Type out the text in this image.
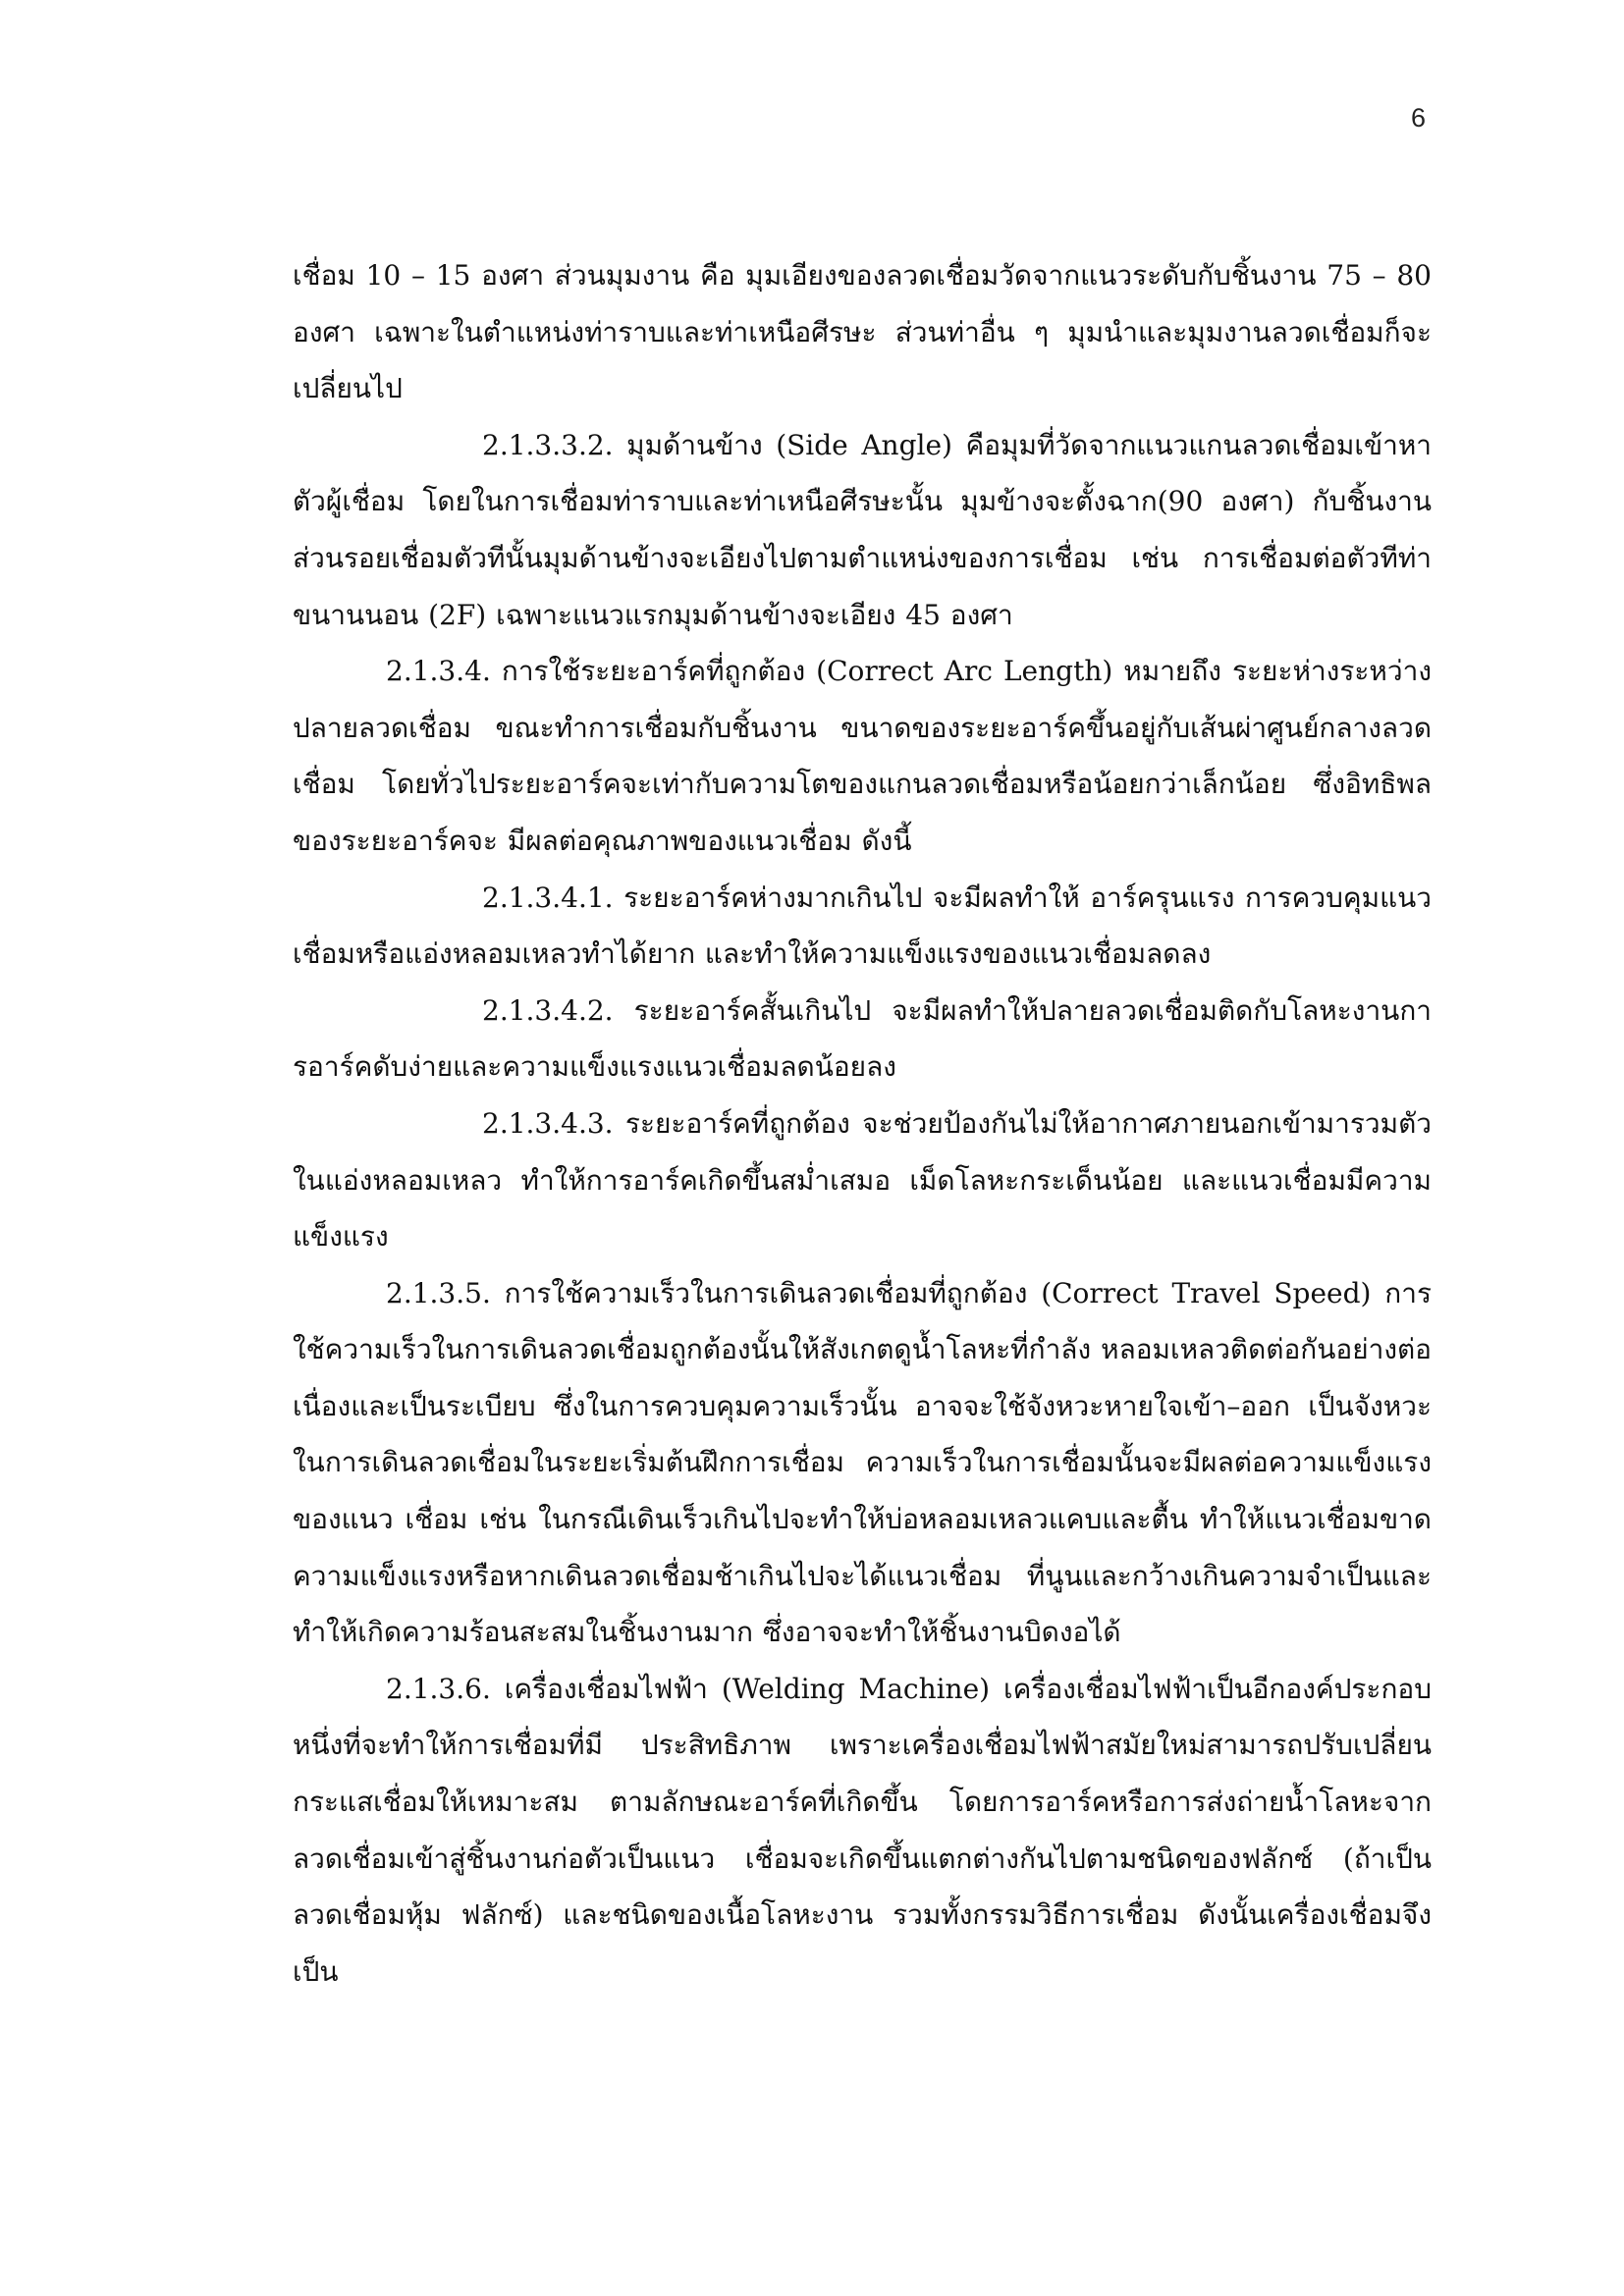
6

เชื่อม 10 – 15 องศา ส่วนมุมงาน คือ มุมเอียงของลวดเชื่อมวัดจากแนวระดับกับชิ้นงาน 75 – 80 องศา เฉพาะในตำแหน่งท่าราบและท่าเหนือศีรษะ ส่วนท่าอื่น ๆ มุมนำและมุมงานลวดเชื่อมก็จะเปลี่ยนไป

2.1.3.3.2. มุมด้านข้าง (Side Angle) คือมุมที่วัดจากแนวแกนลวดเชื่อมเข้าหาตัวผู้เชื่อม โดยในการเชื่อมท่าราบและท่าเหนือศีรษะนั้น มุมข้างจะตั้งฉาก(90 องศา) กับชิ้นงาน ส่วนรอยเชื่อมตัวทีนั้นมุมด้านข้างจะเอียงไปตามตำแหน่งของการเชื่อม เช่น การเชื่อมต่อตัวทีท่าขนานนอน (2F) เฉพาะแนวแรกมุมด้านข้างจะเอียง 45 องศา

2.1.3.4. การใช้ระยะอาร์คที่ถูกต้อง (Correct Arc Length) หมายถึง ระยะห่างระหว่างปลายลวดเชื่อม ขณะทำการเชื่อมกับชิ้นงาน ขนาดของระยะอาร์คขึ้นอยู่กับเส้นผ่าศูนย์กลางลวดเชื่อม โดยทั่วไประยะอาร์คจะเท่ากับความโตของแกนลวดเชื่อมหรือน้อยกว่าเล็กน้อย ซึ่งอิทธิพลของระยะอาร์คจะ มีผลต่อคุณภาพของแนวเชื่อม ดังนี้

2.1.3.4.1. ระยะอาร์คห่างมากเกินไป จะมีผลทำให้ อาร์ครุนแรง การควบคุมแนวเชื่อมหรือแอ่งหลอมเหลวทำได้ยาก และทำให้ความแข็งแรงของแนวเชื่อมลดลง

2.1.3.4.2. ระยะอาร์คสั้นเกินไป จะมีผลทำให้ปลายลวดเชื่อมติดกับโลหะงานการอาร์คดับง่ายและความแข็งแรงแนวเชื่อมลดน้อยลง

2.1.3.4.3. ระยะอาร์คที่ถูกต้อง จะช่วยป้องกันไม่ให้อากาศภายนอกเข้ามารวมตัวในแอ่งหลอมเหลว ทำให้การอาร์คเกิดขึ้นสม่ำเสมอ เม็ดโลหะกระเด็นน้อย และแนวเชื่อมมีความแข็งแรง

2.1.3.5. การใช้ความเร็วในการเดินลวดเชื่อมที่ถูกต้อง (Correct Travel Speed) การใช้ความเร็วในการเดินลวดเชื่อมถูกต้องนั้นให้สังเกตดูน้ำโลหะที่กำลัง หลอมเหลวติดต่อกันอย่างต่อเนื่องและเป็นระเบียบ ซึ่งในการควบคุมความเร็วนั้น อาจจะใช้จังหวะหายใจเข้า–ออก เป็นจังหวะในการเดินลวดเชื่อมในระยะเริ่มต้นฝึกการเชื่อม ความเร็วในการเชื่อมนั้นจะมีผลต่อความแข็งแรงของแนว เชื่อม เช่น ในกรณีเดินเร็วเกินไปจะทำให้บ่อหลอมเหลวแคบและตื้น ทำให้แนวเชื่อมขาดความแข็งแรงหรือหากเดินลวดเชื่อมช้าเกินไปจะได้แนวเชื่อม ที่นูนและกว้างเกินความจำเป็นและทำให้เกิดความร้อนสะสมในชิ้นงานมาก ซึ่งอาจจะทำให้ชิ้นงานบิดงอได้

2.1.3.6. เครื่องเชื่อมไฟฟ้า (Welding Machine) เครื่องเชื่อมไฟฟ้าเป็นอีกองค์ประกอบหนึ่งที่จะทำให้การเชื่อมที่มี ประสิทธิภาพ เพราะเครื่องเชื่อมไฟฟ้าสมัยใหม่สามารถปรับเปลี่ยนกระแสเชื่อมให้เหมาะสม ตามลักษณะอาร์คที่เกิดขึ้น โดยการอาร์คหรือการส่งถ่ายน้ำโลหะจากลวดเชื่อมเข้าสู่ชิ้นงานก่อตัวเป็นแนว เชื่อมจะเกิดขึ้นแตกต่างกันไปตามชนิดของฟลักซ์ (ถ้าเป็นลวดเชื่อมหุ้ม ฟลักซ์) และชนิดของเนื้อโลหะงาน รวมทั้งกรรมวิธีการเชื่อม ดังนั้นเครื่องเชื่อมจึงเป็น
